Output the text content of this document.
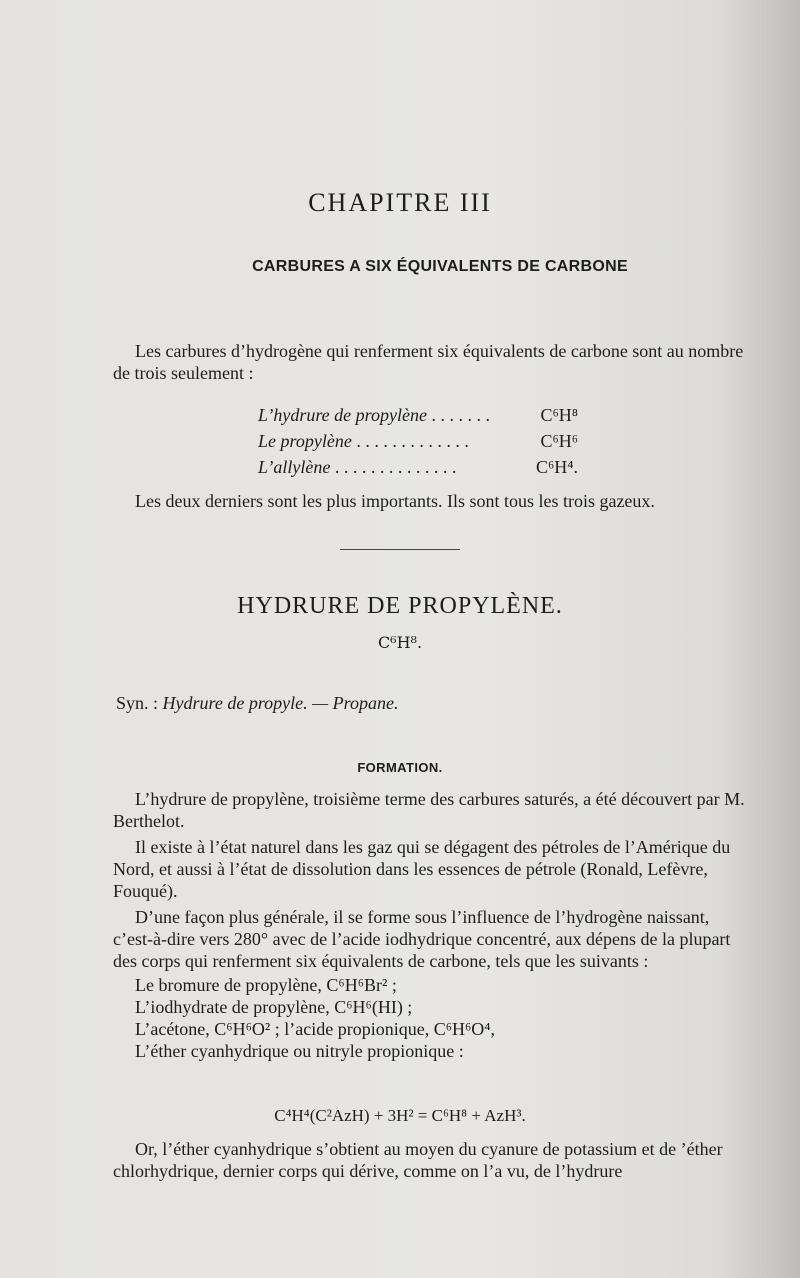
CHAPITRE III
CARBURES A SIX ÉQUIVALENTS DE CARBONE
Les carbures d’hydrogène qui renferment six équivalents de carbone sont au nombre de trois seulement :
L’hydrure de propylène . . . . . . .	C⁶H⁸
Le propylène . . . . . . . . . . . . .	C⁶H⁶
L’allylène . . . . . . . . . . . . . .	C⁶H⁴.
Les deux derniers sont les plus importants. Ils sont tous les trois gazeux.
HYDRURE DE PROPYLÈNE.
C⁶H⁸.
Syn. : Hydrure de propyle. — Propane.
FORMATION.
L’hydrure de propylène, troisième terme des carbures saturés, a été découvert par M. Berthelot.
Il existe à l’état naturel dans les gaz qui se dégagent des pétroles de l’Amérique du Nord, et aussi à l’état de dissolution dans les essences de pétrole (Ronald, Lefèvre, Fouqué).
D’une façon plus générale, il se forme sous l’influence de l’hydrogène naissant, c’est-à-dire vers 280° avec de l’acide iodhydrique concentré, aux dépens de la plupart des corps qui renferment six équivalents de carbone, tels que les suivants :
Le bromure de propylène, C⁶H⁶Br² ;
L’iodhydrate de propylène, C⁶H⁶(HI) ;
L’acétone, C⁶H⁶O² ; l’acide propionique, C⁶H⁶O⁴,
L’éther cyanhydrique ou nitryle propionique :
C⁴H⁴(C²AzH) + 3H² = C⁶H⁸ + AzH³.
Or, l’éther cyanhydrique s’obtient au moyen du cyanure de potassium et de ’éther chlorhydrique, dernier corps qui dérive, comme on l’a vu, de l’hydrure
